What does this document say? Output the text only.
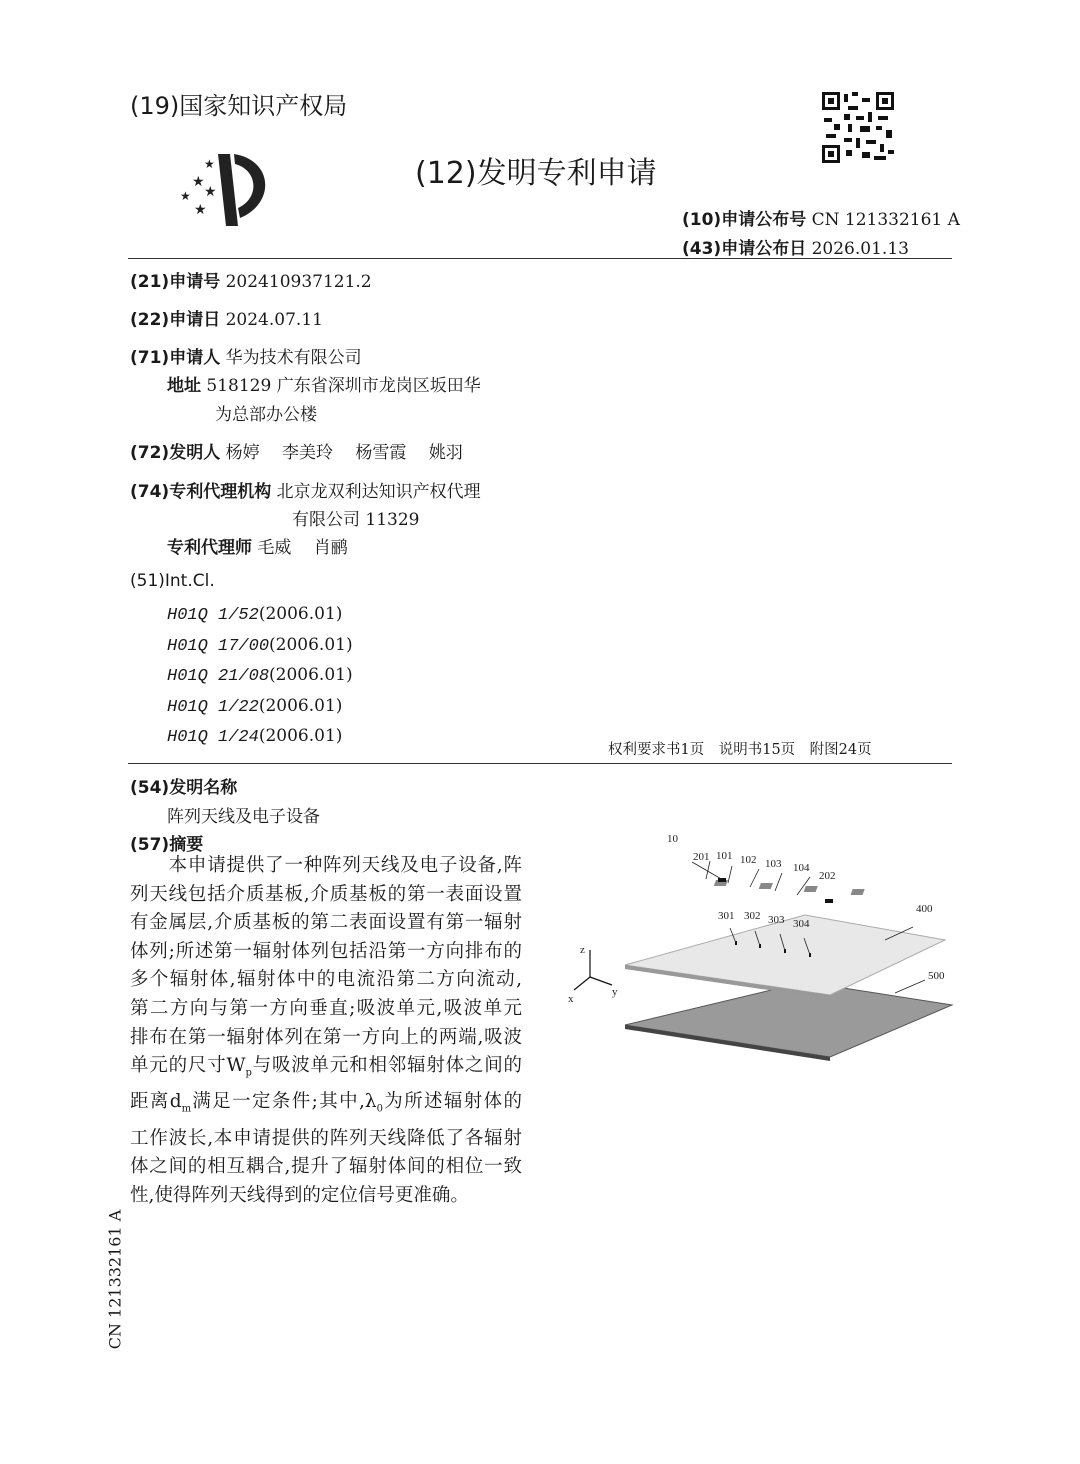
(19)国家知识产权局
★
★
★
★
★
(12)发明专利申请
(10)申请公布号 CN 121332161 A
(43)申请公布日 2026.01.13
(21)申请号 202410937121.2
(22)申请日 2024.07.11
(71)申请人 华为技术有限公司
地址 518129 广东省深圳市龙岗区坂田华
为总部办公楼
(72)发明人 杨婷　 李美玲　 杨雪霞　 姚羽
(74)专利代理机构 北京龙双利达知识产权代理
有限公司 11329
专利代理师 毛威　 肖鹂
(51)Int.Cl.
H01Q 1/52(2006.01)
H01Q 17/00(2006.01)
H01Q 21/08(2006.01)
H01Q 1/22(2006.01)
H01Q 1/24(2006.01)
权利要求书1页　说明书15页　附图24页
(54)发明名称
阵列天线及电子设备
(57)摘要
　　本申请提供了一种阵列天线及电子设备,阵
列天线包括介质基板,介质基板的第一表面设置
有金属层,介质基板的第二表面设置有第一辐射
体列;所述第一辐射体列包括沿第一方向排布的
多个辐射体,辐射体中的电流沿第二方向流动,
第二方向与第一方向垂直;吸波单元,吸波单元
排布在第一辐射体列在第一方向上的两端,吸波
单元的尺寸$W_p$与吸波单元和相邻辐射体之间的
距离$d_m$满足一定条件;其中$,\lambda_0$为所述辐射体的
工作波长,本申请提供的阵列天线降低了各辐射
体之间的相互耦合,提升了辐射体间的相位一致
性,使得阵列天线得到的定位信号更准确。
10
201 101 102 103 104
202
301 302 303 304
400
500
z
y
x
CN 121332161 A
